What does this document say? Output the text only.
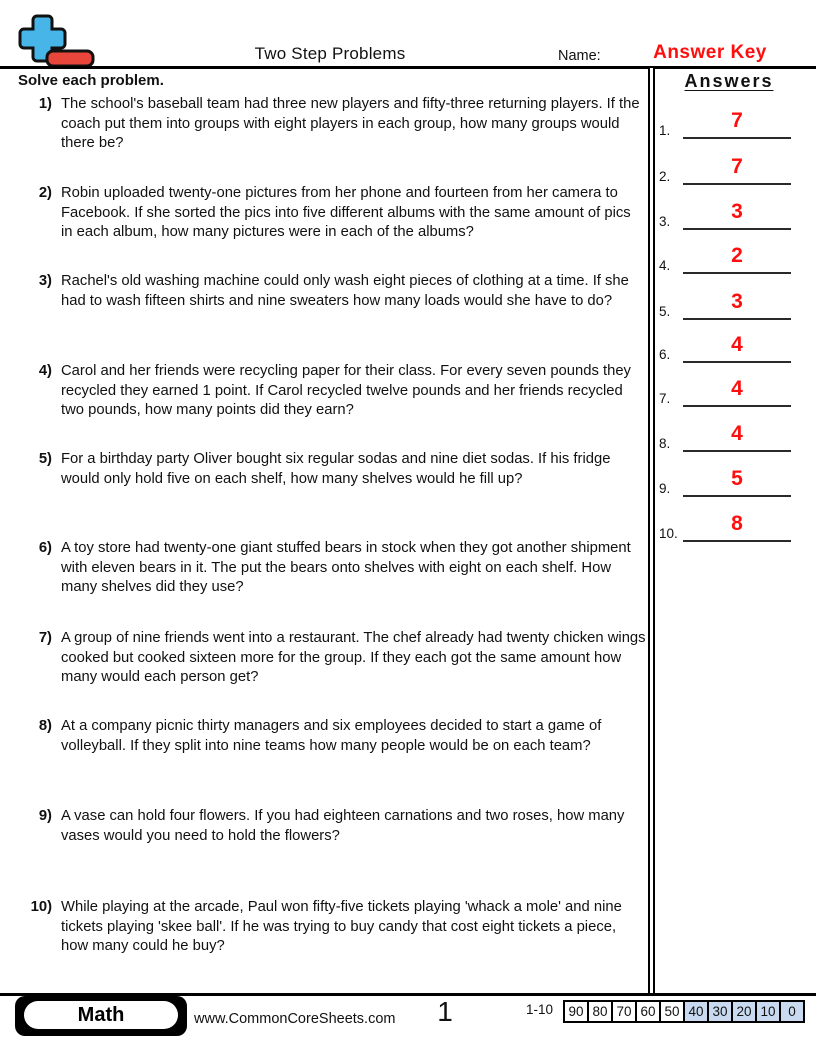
Two Step Problems	Name:	Answer Key
Solve each problem.
1) The school's baseball team had three new players and fifty-three returning players. If the coach put them into groups with eight players in each group, how many groups would there be?
2) Robin uploaded twenty-one pictures from her phone and fourteen from her camera to Facebook. If she sorted the pics into five different albums with the same amount of pics in each album, how many pictures were in each of the albums?
3) Rachel's old washing machine could only wash eight pieces of clothing at a time. If she had to wash fifteen shirts and nine sweaters how many loads would she have to do?
4) Carol and her friends were recycling paper for their class. For every seven pounds they recycled they earned 1 point. If Carol recycled twelve pounds and her friends recycled two pounds, how many points did they earn?
5) For a birthday party Oliver bought six regular sodas and nine diet sodas. If his fridge would only hold five on each shelf, how many shelves would he fill up?
6) A toy store had twenty-one giant stuffed bears in stock when they got another shipment with eleven bears in it. The put the bears onto shelves with eight on each shelf. How many shelves did they use?
7) A group of nine friends went into a restaurant. The chef already had twenty chicken wings cooked but cooked sixteen more for the group. If they each got the same amount how many would each person get?
8) At a company picnic thirty managers and six employees decided to start a game of volleyball. If they split into nine teams how many people would be on each team?
9) A vase can hold four flowers. If you had eighteen carnations and two roses, how many vases would you need to hold the flowers?
10) While playing at the arcade, Paul won fifty-five tickets playing 'whack a mole' and nine tickets playing 'skee ball'. If he was trying to buy candy that cost eight tickets a piece, how many could he buy?
Answers
1.	7
2.	7
3.	3
4.	2
5.	3
6.	4
7.	4
8.	4
9.	5
10.	8
Math	www.CommonCoreSheets.com	1	1-10 90 80 70 60 50 40 30 20 10 0
